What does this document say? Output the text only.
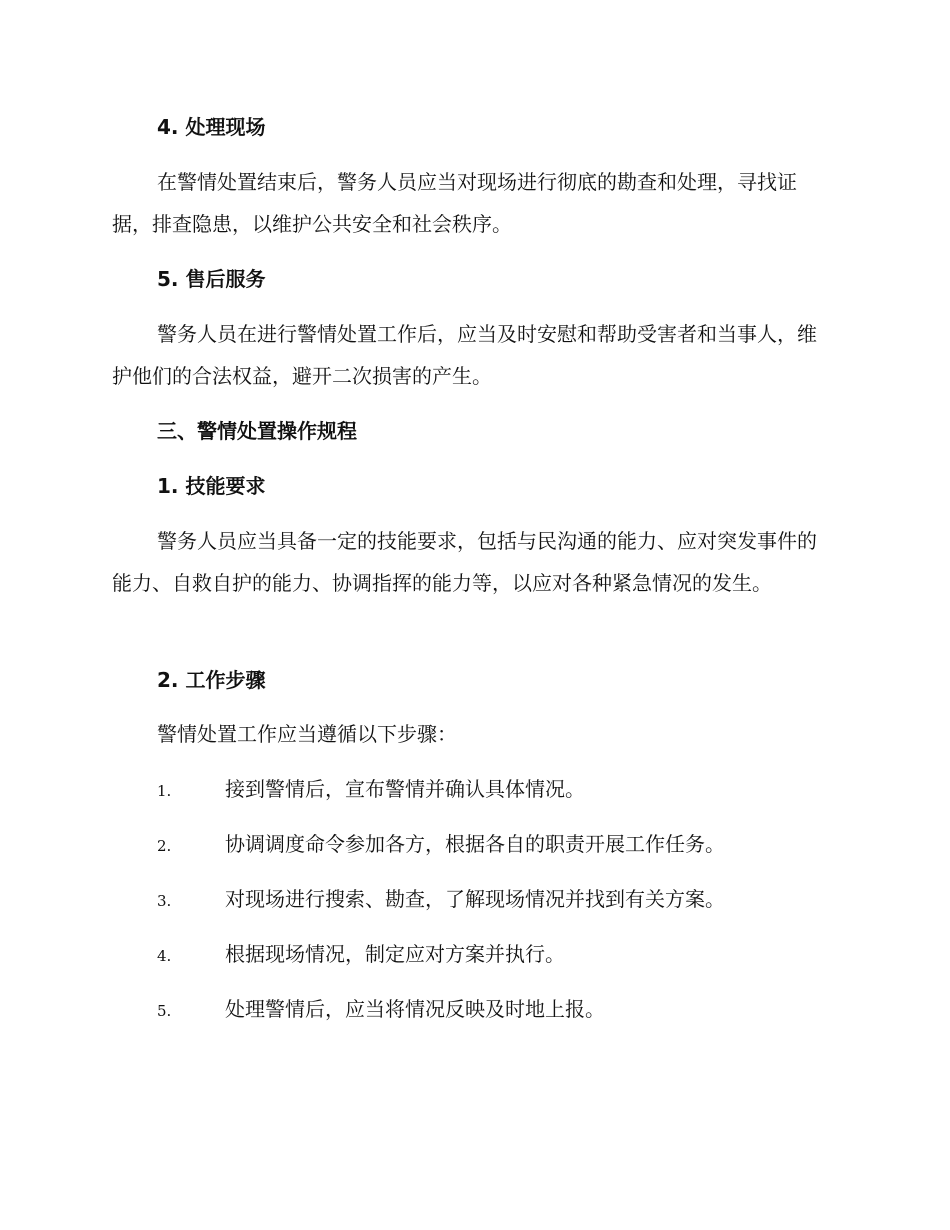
4. 处理现场
在警情处置结束后，警务人员应当对现场进行彻底的勘查和处理，寻找证据，排查隐患，以维护公共安全和社会秩序。
5. 售后服务
警务人员在进行警情处置工作后，应当及时安慰和帮助受害者和当事人，维护他们的合法权益，避开二次损害的产生。
三、警情处置操作规程
1. 技能要求
警务人员应当具备一定的技能要求，包括与民沟通的能力、应对突发事件的能力、自救自护的能力、协调指挥的能力等，以应对各种紧急情况的发生。
2. 工作步骤
警情处置工作应当遵循以下步骤：
1.	接到警情后，宣布警情并确认具体情况。
2.	协调调度命令参加各方，根据各自的职责开展工作任务。
3.	对现场进行搜索、勘查，了解现场情况并找到有关方案。
4.	根据现场情况，制定应对方案并执行。
5.	处理警情后，应当将情况反映及时地上报。
